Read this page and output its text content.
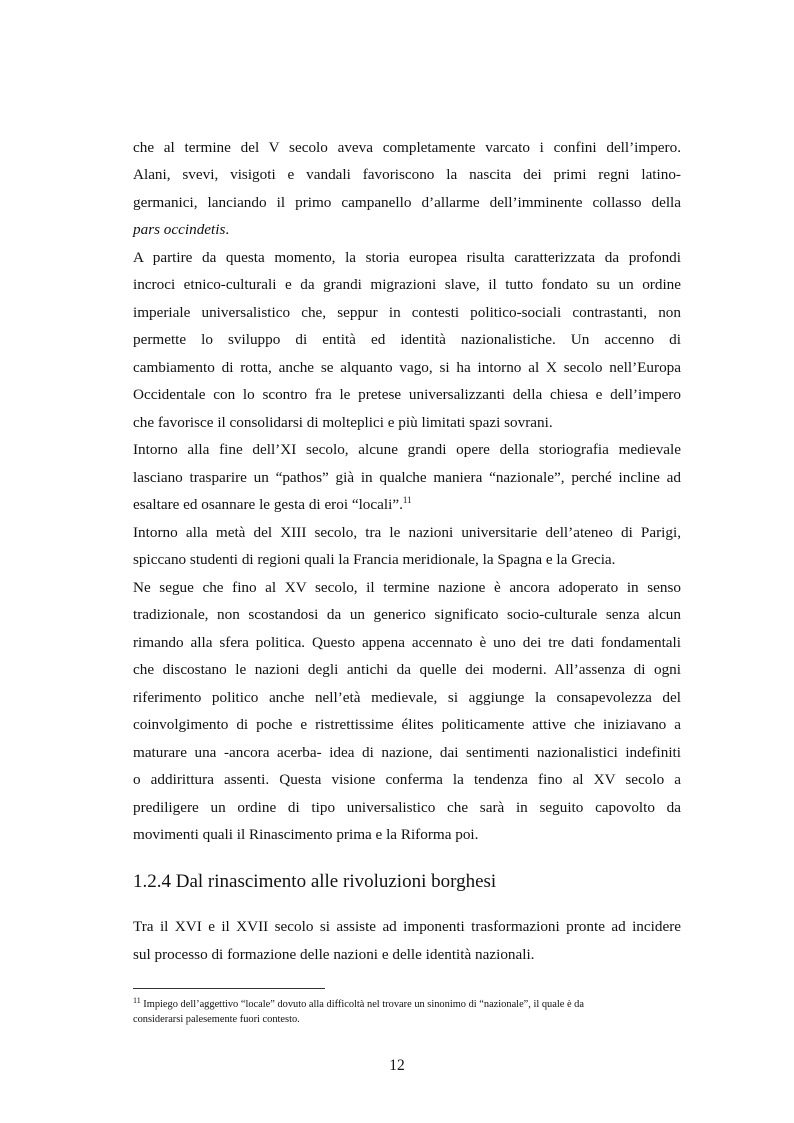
che al termine del V secolo aveva completamente varcato i confini dell’impero.
Alani, svevi, visigoti e vandali favoriscono la nascita dei primi regni latino-
germanici, lanciando il primo campanello d’allarme dell’imminente collasso della
pars occindetis.
A partire da questa momento, la storia europea risulta caratterizzata da profondi
incroci etnico-culturali e da grandi migrazioni slave, il tutto fondato su un ordine
imperiale universalistico che, seppur in contesti politico-sociali contrastanti, non
permette lo sviluppo di entità ed identità nazionalistiche. Un accenno di
cambiamento di rotta, anche se alquanto vago, si ha intorno al X secolo nell’Europa
Occidentale con lo scontro fra le pretese universalizzanti della chiesa e dell’impero
che favorisce il consolidarsi di molteplici e più limitati spazi sovrani.
Intorno alla fine dell’XI secolo, alcune grandi opere della storiografia medievale
lasciano trasparire un “pathos” già in qualche maniera “nazionale”, perché incline ad
esaltare ed osannare le gesta di eroi “locali”.$^{11}$
Intorno alla metà del XIII secolo, tra le nazioni universitarie dell’ateneo di Parigi,
spiccano studenti di regioni quali la Francia meridionale, la Spagna e la Grecia.
Ne segue che fino al XV secolo, il termine nazione è ancora adoperato in senso
tradizionale, non scostandosi da un generico significato socio-culturale senza alcun
rimando alla sfera politica. Questo appena accennato è uno dei tre dati fondamentali
che discostano le nazioni degli antichi da quelle dei moderni. All’assenza di ogni
riferimento politico anche nell’età medievale, si aggiunge la consapevolezza del
coinvolgimento di poche e ristrettissime élites politicamente attive che iniziavano a
maturare una -ancora acerba- idea di nazione, dai sentimenti nazionalistici indefiniti
o addirittura assenti. Questa visione conferma la tendenza fino al XV secolo a
prediligere un ordine di tipo universalistico che sarà in seguito capovolto da
movimenti quali il Rinascimento prima e la Riforma poi.
1.2.4 Dal rinascimento alle rivoluzioni borghesi
Tra il XVI e il XVII secolo si assiste ad imponenti trasformazioni pronte ad incidere
sul processo di formazione delle nazioni e delle identità nazionali.
$^{11}$ Impiego dell’aggettivo “locale” dovuto alla difficoltà nel trovare un sinonimo di “nazionale”, il quale è da
considerarsi palesemente fuori contesto.
12
